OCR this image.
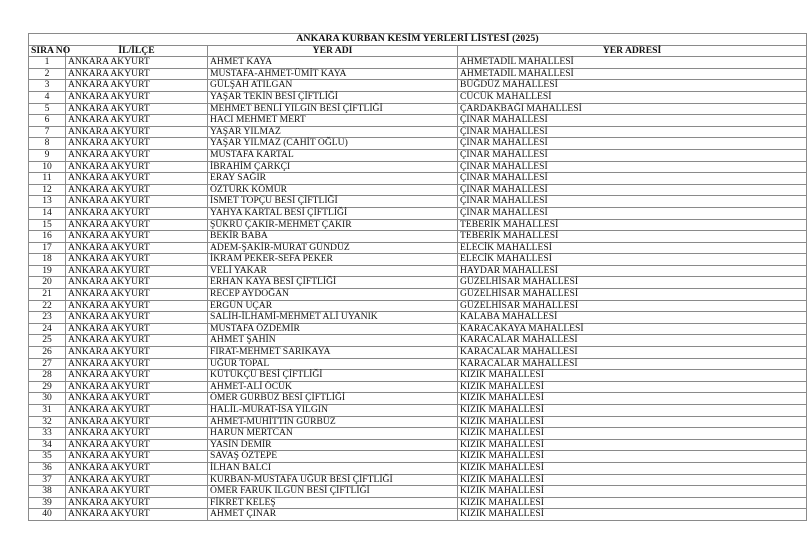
ANKARA KURBAN KESİM YERLERİ LİSTESİ (2025)			
SIRA NO	İL/İLÇE	YER ADI	YER ADRESİ
1	ANKARA AKYURT	AHMET KAYA	AHMETADİL MAHALLESİ
2	ANKARA AKYURT	MUSTAFA-AHMET-ÜMİT KAYA	AHMETADİL MAHALLESİ
3	ANKARA AKYURT	GÜLŞAH ATILGAN	BÜĞDÜZ MAHALLESİ
4	ANKARA AKYURT	YAŞAR TEKİN BESİ ÇİFTLİĞİ	CÜCÜK MAHALLESİ
5	ANKARA AKYURT	MEHMET BENLİ YILGIN BESİ ÇİFTLİĞİ	ÇARDAKBAĞI MAHALLESİ
6	ANKARA AKYURT	HACI MEHMET MERT	ÇINAR MAHALLESİ
7	ANKARA AKYURT	YAŞAR YILMAZ	ÇINAR MAHALLESİ
8	ANKARA AKYURT	YAŞAR YILMAZ (CAHİT OĞLU)	ÇINAR MAHALLESİ
9	ANKARA AKYURT	MUSTAFA KARTAL	ÇINAR MAHALLESİ
10	ANKARA AKYURT	İBRAHİM ÇARKÇI	ÇINAR MAHALLESİ
11	ANKARA AKYURT	ERAY SAĞIR	ÇINAR MAHALLESİ
12	ANKARA AKYURT	ÖZTÜRK KÖMÜR	ÇINAR MAHALLESİ
13	ANKARA AKYURT	İSMET TOPÇU BESİ ÇİFTLİĞİ	ÇINAR MAHALLESİ
14	ANKARA AKYURT	YAHYA KARTAL BESİ ÇİFTLİĞİ	ÇINAR MAHALLESİ
15	ANKARA AKYURT	ŞÜKRÜ ÇAKIR-MEHMET ÇAKIR	TEBERİK MAHALLESİ
16	ANKARA AKYURT	BEKİR BABA	TEBERİK MAHALLESİ
17	ANKARA AKYURT	ADEM-ŞAKİR-MURAT GÜNDÜZ	ELECİK MAHALLESİ
18	ANKARA AKYURT	İKRAM PEKER-SEFA PEKER	ELECİK MAHALLESİ
19	ANKARA AKYURT	VELİ YAKAR	HAYDAR MAHALLESİ
20	ANKARA AKYURT	ERHAN KAYA BESİ ÇİFTLİĞİ	GÜZELHİSAR MAHALLESİ
21	ANKARA AKYURT	RECEP AYDOĞAN	GÜZELHİSAR MAHALLESİ
22	ANKARA AKYURT	ERGÜN UÇAR	GÜZELHİSAR MAHALLESİ
23	ANKARA AKYURT	SALİH-İLHAMİ-MEHMET ALİ UYANIK	KALABA MAHALLESİ
24	ANKARA AKYURT	MUSTAFA ÖZDEMİR	KARACAKAYA MAHALLESİ
25	ANKARA AKYURT	AHMET ŞAHİN	KARACALAR MAHALLESİ
26	ANKARA AKYURT	FIRAT-MEHMET SARIKAYA	KARACALAR MAHALLESİ
27	ANKARA AKYURT	UĞUR TOPAL	KARACALAR MAHALLESİ
28	ANKARA AKYURT	KÜTÜKÇÜ BESİ ÇİFTLİĞİ	KIZIK MAHALLESİ
29	ANKARA AKYURT	AHMET-ALİ ÖCÜK	KIZIK MAHALLESİ
30	ANKARA AKYURT	ÖMER GÜRBÜZ BESİ ÇİFTLİĞİ	KIZIK MAHALLESİ
31	ANKARA AKYURT	HALİL-MURAT-İSA YILGIN	KIZIK MAHALLESİ
32	ANKARA AKYURT	AHMET-MUHİTTİN GÜRBÜZ	KIZIK MAHALLESİ
33	ANKARA AKYURT	HARUN MERTCAN	KIZIK MAHALLESİ
34	ANKARA AKYURT	YASİN DEMİR	KIZIK MAHALLESİ
35	ANKARA AKYURT	SAVAŞ ÖZTEPE	KIZIK MAHALLESİ
36	ANKARA AKYURT	İLHAN BALCI	KIZIK MAHALLESİ
37	ANKARA AKYURT	KURBAN-MUSTAFA UĞUR BESİ ÇİFTLİĞİ	KIZIK MAHALLESİ
38	ANKARA AKYURT	ÖMER FARUK ILGÜN BESİ ÇİFTLİĞİ	KIZIK MAHALLESİ
39	ANKARA AKYURT	FİKRET KELEŞ	KIZIK MAHALLESİ
40	ANKARA AKYURT	AHMET ÇINAR	KIZIK MAHALLESİ
